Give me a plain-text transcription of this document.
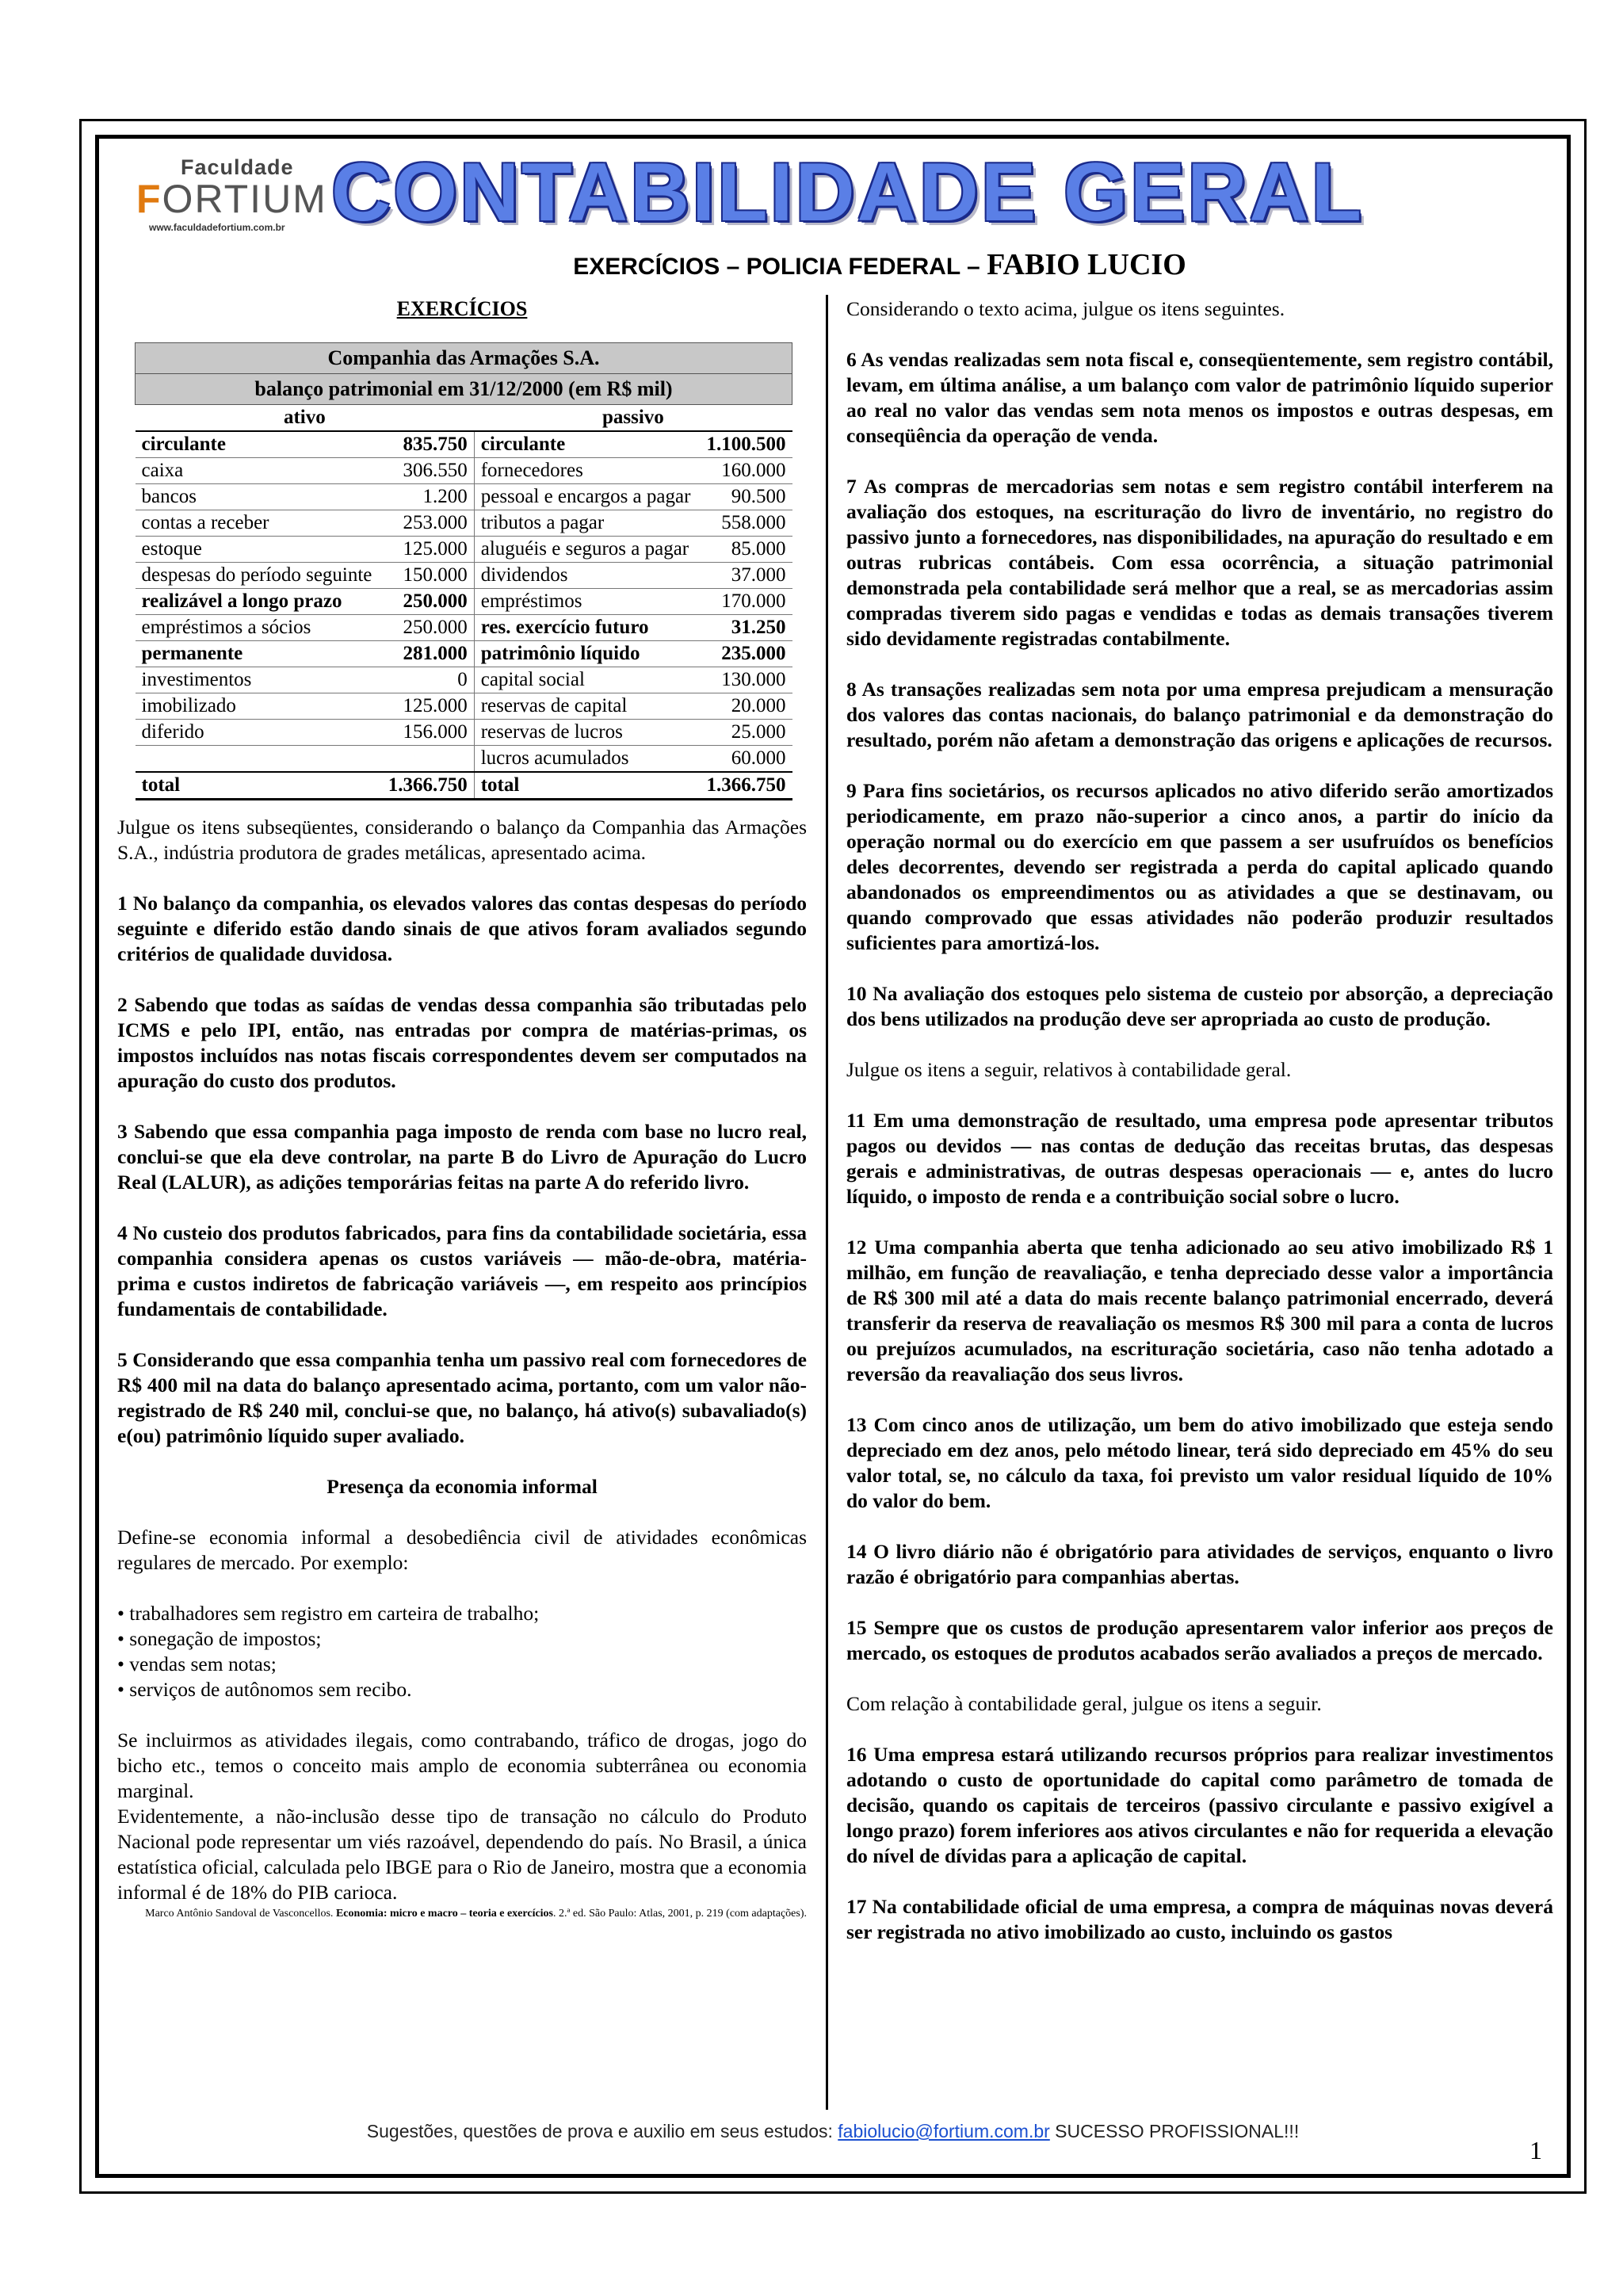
Faculdade
FORTIUM
www.faculdadefortium.com.br CONTABILIDADE GERAL
EXERCÍCIOS – POLICIA FEDERAL – FABIO LUCIO
EXERCÍCIOS
Companhia das Armações S.A.			
balanço patrimonial em 31/12/2000 (em R$ mil)			
ativo		passivo	
circulante	835.750	circulante	1.100.500
caixa	306.550	fornecedores	160.000
bancos	1.200	pessoal e encargos a pagar	90.500
contas a receber	253.000	tributos a pagar	558.000
estoque	125.000	aluguéis e seguros a pagar	85.000
despesas do período seguinte	150.000	dividendos	37.000
realizável a longo prazo	250.000	empréstimos	170.000
empréstimos a sócios	250.000	res. exercício futuro	31.250
permanente	281.000	patrimônio líquido	235.000
investimentos	0	capital social	130.000
imobilizado	125.000	reservas de capital	20.000
diferido	156.000	reservas de lucros	25.000
		lucros acumulados	60.000
total	1.366.750	total	1.366.750

Julgue os itens subseqüentes, considerando o balanço da Companhia das Armações S.A., indústria produtora de grades metálicas, apresentado acima.

1 No balanço da companhia, os elevados valores das contas despesas do período seguinte e diferido estão dando sinais de que ativos foram avaliados segundo critérios de qualidade duvidosa.

2 Sabendo que todas as saídas de vendas dessa companhia são tributadas pelo ICMS e pelo IPI, então, nas entradas por compra de matérias-primas, os impostos incluídos nas notas fiscais correspondentes devem ser computados na apuração do custo dos produtos.

3 Sabendo que essa companhia paga imposto de renda com base no lucro real, conclui-se que ela deve controlar, na parte B do Livro de Apuração do Lucro Real (LALUR), as adições temporárias feitas na parte A do referido livro.

4 No custeio dos produtos fabricados, para fins da contabilidade societária, essa companhia considera apenas os custos variáveis — mão-de-obra, matéria-prima e custos indiretos de fabricação variáveis —, em respeito aos princípios fundamentais de contabilidade.

5 Considerando que essa companhia tenha um passivo real com fornecedores de R$ 400 mil na data do balanço apresentado acima, portanto, com um valor não-registrado de R$ 240 mil, conclui-se que, no balanço, há ativo(s) subavaliado(s) e(ou) patrimônio líquido super avaliado.

Presença da economia informal

Define-se economia informal a desobediência civil de atividades econômicas regulares de mercado. Por exemplo:

• trabalhadores sem registro em carteira de trabalho;
• sonegação de impostos;
• vendas sem notas;
• serviços de autônomos sem recibo.

Se incluirmos as atividades ilegais, como contrabando, tráfico de drogas, jogo do bicho etc., temos o conceito mais amplo de economia subterrânea ou economia marginal.

Evidentemente, a não-inclusão desse tipo de transação no cálculo do Produto Nacional pode representar um viés razoável, dependendo do país. No Brasil, a única estatística oficial, calculada pelo IBGE para o Rio de Janeiro, mostra que a economia informal é de 18% do PIB carioca.

Marco Antônio Sandoval de Vasconcellos. Economia: micro e macro – teoria e exercícios. 2.ª ed. São Paulo: Atlas, 2001, p. 219 (com adaptações).

Considerando o texto acima, julgue os itens seguintes.

6 As vendas realizadas sem nota fiscal e, conseqüentemente, sem registro contábil, levam, em última análise, a um balanço com valor de patrimônio líquido superior ao real no valor das vendas sem nota menos os impostos e outras despesas, em conseqüência da operação de venda.

7 As compras de mercadorias sem notas e sem registro contábil interferem na avaliação dos estoques, na escrituração do livro de inventário, no registro do passivo junto a fornecedores, nas disponibilidades, na apuração do resultado e em outras rubricas contábeis. Com essa ocorrência, a situação patrimonial demonstrada pela contabilidade será melhor que a real, se as mercadorias assim compradas tiverem sido pagas e vendidas e todas as demais transações tiverem sido devidamente registradas contabilmente.

8 As transações realizadas sem nota por uma empresa prejudicam a mensuração dos valores das contas nacionais, do balanço patrimonial e da demonstração do resultado, porém não afetam a demonstração das origens e aplicações de recursos.

9 Para fins societários, os recursos aplicados no ativo diferido serão amortizados periodicamente, em prazo não-superior a cinco anos, a partir do início da operação normal ou do exercício em que passem a ser usufruídos os benefícios deles decorrentes, devendo ser registrada a perda do capital aplicado quando abandonados os empreendimentos ou as atividades a que se destinavam, ou quando comprovado que essas atividades não poderão produzir resultados suficientes para amortizá-los.

10 Na avaliação dos estoques pelo sistema de custeio por absorção, a depreciação dos bens utilizados na produção deve ser apropriada ao custo de produção.

Julgue os itens a seguir, relativos à contabilidade geral.

11 Em uma demonstração de resultado, uma empresa pode apresentar tributos pagos ou devidos — nas contas de dedução das receitas brutas, das despesas gerais e administrativas, de outras despesas operacionais — e, antes do lucro líquido, o imposto de renda e a contribuição social sobre o lucro.

12 Uma companhia aberta que tenha adicionado ao seu ativo imobilizado R$ 1 milhão, em função de reavaliação, e tenha depreciado desse valor a importância de R$ 300 mil até a data do mais recente balanço patrimonial encerrado, deverá transferir da reserva de reavaliação os mesmos R$ 300 mil para a conta de lucros ou prejuízos acumulados, na escrituração societária, caso não tenha adotado a reversão da reavaliação dos seus livros.

13 Com cinco anos de utilização, um bem do ativo imobilizado que esteja sendo depreciado em dez anos, pelo método linear, terá sido depreciado em 45% do seu valor total, se, no cálculo da taxa, foi previsto um valor residual líquido de 10% do valor do bem.

14 O livro diário não é obrigatório para atividades de serviços, enquanto o livro razão é obrigatório para companhias abertas.

15 Sempre que os custos de produção apresentarem valor inferior aos preços de mercado, os estoques de produtos acabados serão avaliados a preços de mercado.

Com relação à contabilidade geral, julgue os itens a seguir.

16 Uma empresa estará utilizando recursos próprios para realizar investimentos adotando o custo de oportunidade do capital como parâmetro de tomada de decisão, quando os capitais de terceiros (passivo circulante e passivo exigível a longo prazo) forem inferiores aos ativos circulantes e não for requerida a elevação do nível de dívidas para a aplicação de capital.

17 Na contabilidade oficial de uma empresa, a compra de máquinas novas deverá ser registrada no ativo imobilizado ao custo, incluindo os gastos

Sugestões, questões de prova e auxilio em seus estudos: fabiolucio@fortium.com.br SUCESSO PROFISSIONAL!!!
1
